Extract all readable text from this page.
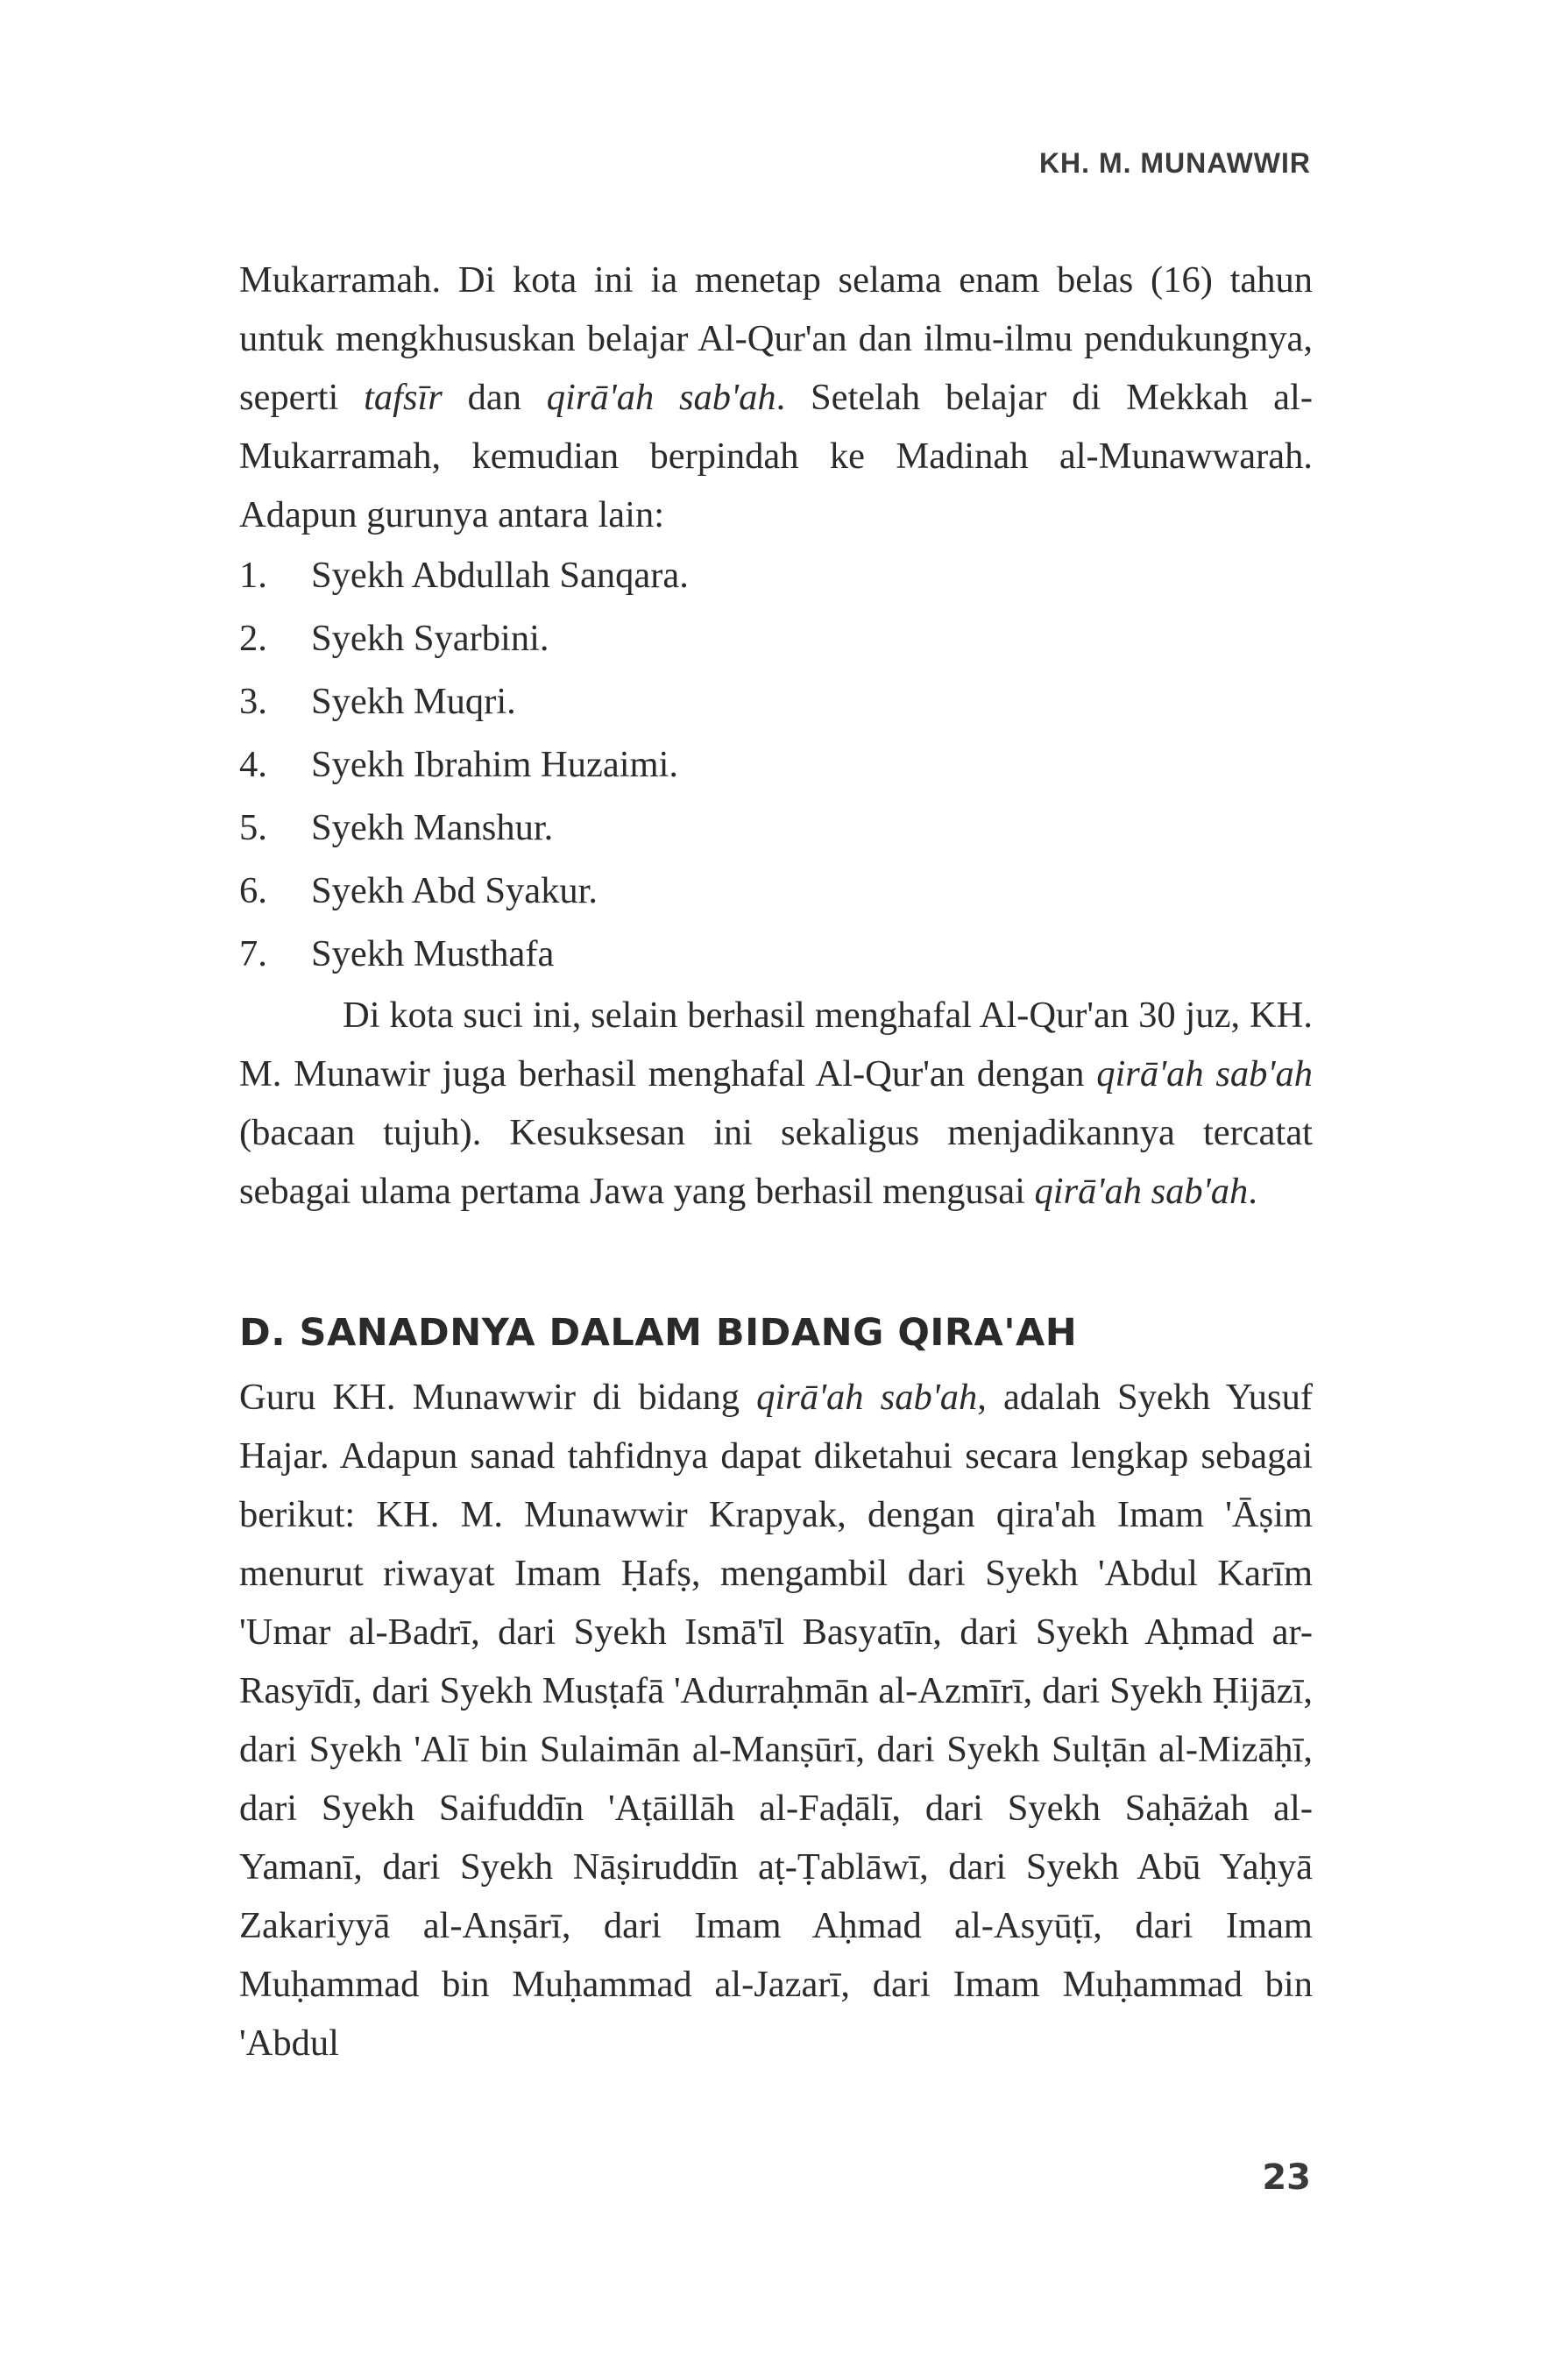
KH. M. MUNAWWIR

Mukarramah. Di kota ini ia menetap selama enam belas (16) tahun untuk mengkhususkan belajar Al-Qur'an dan ilmu-ilmu pendukungnya, seperti tafsīr dan qirā'ah sab'ah. Setelah belajar di Mekkah al-Mukarramah, kemudian berpindah ke Madinah al-Munawwarah. Adapun gurunya antara lain:

1.	Syekh Abdullah Sanqara.
2.	Syekh Syarbini.
3.	Syekh Muqri.
4.	Syekh Ibrahim Huzaimi.
5.	Syekh Manshur.
6.	Syekh Abd Syakur.
7.	Syekh Musthafa

Di kota suci ini, selain berhasil menghafal Al-Qur'an 30 juz, KH. M. Munawir juga berhasil menghafal Al-Qur'an dengan qirā'ah sab'ah (bacaan tujuh). Kesuksesan ini sekaligus menjadikannya tercatat sebagai ulama pertama Jawa yang berhasil mengusai qirā'ah sab'ah.

D. SANADNYA DALAM BIDANG QIRA'AH

Guru KH. Munawwir di bidang qirā'ah sab'ah, adalah Syekh Yusuf Hajar. Adapun sanad tahfidnya dapat diketahui secara lengkap sebagai berikut: KH. M. Munawwir Krapyak, dengan qira'ah Imam 'Āṣim menurut riwayat Imam Ḥafṣ, mengambil dari Syekh 'Abdul Karīm 'Umar al-Badrī, dari Syekh Ismā'īl Basyatīn, dari Syekh Aḥmad ar-Rasyīdī, dari Syekh Musṭafā 'Adurraḥmān al-Azmīrī, dari Syekh Ḥijāzī, dari Syekh 'Alī bin Sulaimān al-Manṣūrī, dari Syekh Sulṭān al-Mizāḥī, dari Syekh Saifuddīn 'Aṭāillāh al-Faḍālī, dari Syekh Saḥāżah al-Yamanī, dari Syekh Nāṣiruddīn aṭ-Ṭablāwī, dari Syekh Abū Yaḥyā Zakariyyā al-Anṣārī, dari Imam Aḥmad al-Asyūṭī, dari Imam Muḥammad bin Muḥammad al-Jazarī, dari Imam Muḥammad bin 'Abdul

23
